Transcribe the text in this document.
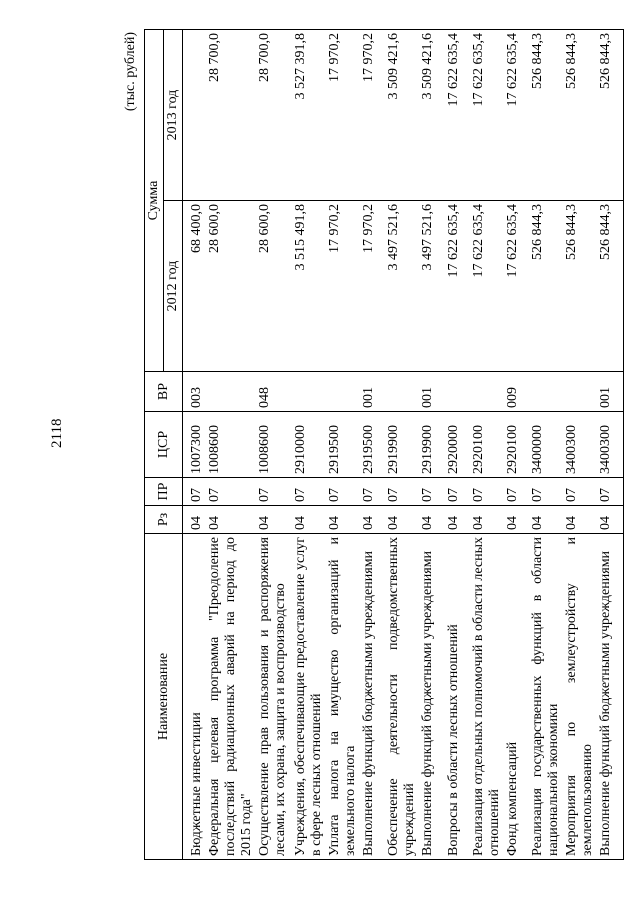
2118
(тыс. рублей)
Наименование	Рз	ПР	ЦСР	ВР	Сумма	
					2012 год	2013 год
Бюджетные инвестиции	04	07	1007300	003	68 400,0	
Федеральная целевая программа "Преодоление последствий радиационных аварий на период до 2015 года"	04	07	1008600		28 600,0	28 700,0
Осуществление прав пользования и распоряжения лесами, их охрана, защита и воспроизводство	04	07	1008600	048	28 600,0	28 700,0
Учреждения, обеспечивающие предоставление услуг в сфере лесных отношений	04	07	2910000		3 515 491,8	3 527 391,8
Уплата налога на имущество организаций и земельного налога	04	07	2919500		17 970,2	17 970,2
Выполнение функций бюджетными учреждениями	04	07	2919500	001	17 970,2	17 970,2
Обеспечение деятельности подведомственных учреждений	04	07	2919900		3 497 521,6	3 509 421,6
Выполнение функций бюджетными учреждениями	04	07	2919900	001	3 497 521,6	3 509 421,6
Вопросы в области лесных отношений	04	07	2920000		17 622 635,4	17 622 635,4
Реализация отдельных полномочий в области лесных отношений	04	07	2920100		17 622 635,4	17 622 635,4
Фонд компенсаций	04	07	2920100	009	17 622 635,4	17 622 635,4
Реализация государственных функций в области национальной экономики	04	07	3400000		526 844,3	526 844,3
Мероприятия по землеустройству и землепользованию	04	07	3400300		526 844,3	526 844,3
Выполнение функций бюджетными учреждениями	04	07	3400300	001	526 844,3	526 844,3
